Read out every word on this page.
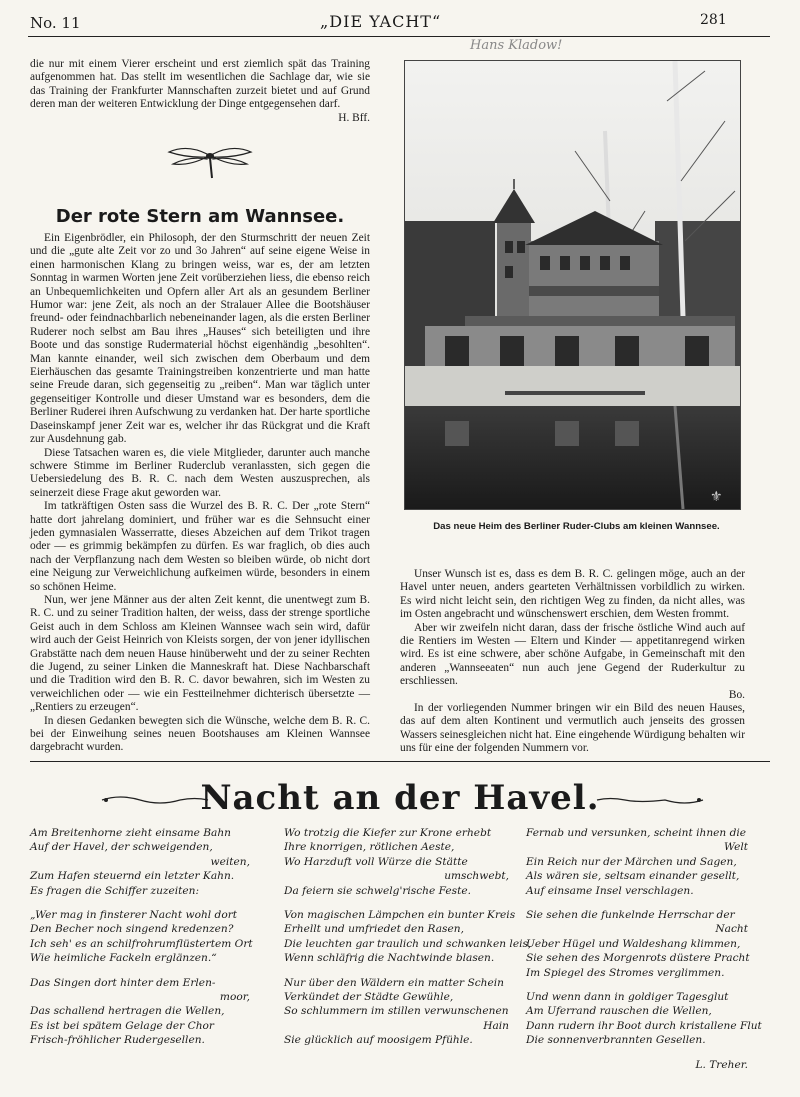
No. 11	„DIE YACHT“	281
Hans Kladow!

die nur mit einem Vierer erscheint und erst ziemlich spät das Training aufgenommen hat. Das stellt im wesentlichen die Sachlage dar, wie sie das Training der Frankfurter Mannschaften zurzeit bietet und auf Grund deren man der weiteren Entwicklung der Dinge entgegensehen darf.

H. Bff.
Der rote Stern am Wannsee.

Ein Eigenbrödler, ein Philosoph, der den Sturmschritt der neuen Zeit und die „gute alte Zeit vor zo und 3o Jahren“ auf seine eigene Weise in einen harmonischen Klang zu bringen weiss, war es, der am letzten Sonntag in warmen Worten jene Zeit vorüberziehen liess, die ebenso reich an Unbequemlichkeiten und Opfern aller Art als an gesundem Berliner Humor war: jene Zeit, als noch an der Stralauer Allee die Bootshäuser freund- oder feindnachbarlich nebeneinander lagen, als die ersten Berliner Ruderer noch selbst am Bau ihres „Hauses“ sich beteiligten und ihre Boote und das sonstige Rudermaterial höchst eigenhändig „besohlten“. Man kannte einander, weil sich zwischen dem Oberbaum und dem Eierhäuschen das gesamte Trainingstreiben konzentrierte und man hatte seine Freude daran, sich gegenseitig zu „reiben“. Man war täglich unter gegenseitiger Kontrolle und dieser Umstand war es besonders, dem die Berliner Ruderei ihren Aufschwung zu verdanken hat. Der harte sportliche Daseinskampf jener Zeit war es, welcher ihr das Rückgrat und die Kraft zur Ausdehnung gab.

Diese Tatsachen waren es, die viele Mitglieder, darunter auch manche schwere Stimme im Berliner Ruderclub veranlassten, sich gegen die Uebersiedelung des B. R. C. nach dem Westen auszusprechen, als seinerzeit diese Frage akut geworden war.

Im tatkräftigen Osten sass die Wurzel des B. R. C. Der „rote Stern“ hatte dort jahrelang dominiert, und früher war es die Sehnsucht einer jeden gymnasialen Wasserratte, dieses Abzeichen auf dem Trikot tragen oder — es grimmig bekämpfen zu dürfen. Es war fraglich, ob dies auch nach der Verpflanzung nach dem Westen so bleiben würde, ob nicht dort eine Neigung zur Verweichlichung aufkeimen würde, besonders in einem so schönen Heime.

Nun, wer jene Männer aus der alten Zeit kennt, die unentwegt zum B. R. C. und zu seiner Tradition halten, der weiss, dass der strenge sportliche Geist auch in dem Schloss am Kleinen Wannsee wach sein wird, dafür wird auch der Geist Heinrich von Kleists sorgen, der von jener idyllischen Grabstätte nach dem neuen Hause hinüberweht und der zu seiner Rechten die Jugend, zu seiner Linken die Manneskraft hat. Diese Nachbarschaft und die Tradition wird den B. R. C. davor bewahren, sich im Westen zu verweichlichen oder — wie ein Festteilnehmer dichterisch übersetzte — „Rentiers zu erzeugen“.

In diesen Gedanken bewegten sich die Wünsche, welche dem B. R. C. bei der Einweihung seines neuen Bootshauses am Kleinen Wannsee dargebracht wurden.

⚜
Das neue Heim des Berliner Ruder-Clubs am kleinen Wannsee.

Unser Wunsch ist es, dass es dem B. R. C. gelingen möge, auch an der Havel unter neuen, anders gearteten Verhältnissen vorbildlich zu wirken. Es wird nicht leicht sein, den richtigen Weg zu finden, da nicht alles, was im Osten angebracht und wünschenswert erschien, dem Westen frommt.

Aber wir zweifeln nicht daran, dass der frische östliche Wind auch auf die Rentiers im Westen — Eltern und Kinder — appetitanregend wirken wird. Es ist eine schwere, aber schöne Aufgabe, in Gemeinschaft mit den anderen „Wannseeaten“ nun auch jene Gegend der Ruderkultur zu erschliessen.

Bo.

In der vorliegenden Nummer bringen wir ein Bild des neuen Hauses, das auf dem alten Kontinent und vermutlich auch jenseits des grossen Wassers seinesgleichen nicht hat. Eine eingehende Würdigung behalten wir uns für eine der folgenden Nummern vor.

Nacht an der Havel.
Am Breitenhorne zieht einsame Bahn
Auf der Havel, der schweigenden,
weiten,
Zum Hafen steuernd ein letzter Kahn.
Es fragen die Schiffer zuzeiten:
„Wer mag in finsterer Nacht wohl dort
Den Becher noch singend kredenzen?
Ich seh' es an schilfrohrumflüstertem Ort
Wie heimliche Fackeln erglänzen.“
Das Singen dort hinter dem Erlen-
moor,
Das schallend hertragen die Wellen,
Es ist bei spätem Gelage der Chor
Frisch-fröhlicher Rudergesellen.
Wo trotzig die Kiefer zur Krone erhebt
Ihre knorrigen, rötlichen Aeste,
Wo Harzduft voll Würze die Stätte
umschwebt,
Da feiern sie schwelg'rische Feste.
Von magischen Lämpchen ein bunter Kreis
Erhellt und umfriedet den Rasen,
Die leuchten gar traulich und schwanken leis,
Wenn schläfrig die Nachtwinde blasen.
Nur über den Wäldern ein matter Schein
Verkündet der Städte Gewühle,
So schlummern im stillen verwunschenen
Hain
Sie glücklich auf moosigem Pfühle.
Fernab und versunken, scheint ihnen die
Welt
Ein Reich nur der Märchen und Sagen,
Als wären sie, seltsam einander gesellt,
Auf einsame Insel verschlagen.
Sie sehen die funkelnde Herrschar der
Nacht
Ueber Hügel und Waldeshang klimmen,
Sie sehen des Morgenrots düstere Pracht
Im Spiegel des Stromes verglimmen.
Und wenn dann in goldiger Tagesglut
Am Uferrand rauschen die Wellen,
Dann rudern ihr Boot durch kristallene Flut
Die sonnenverbrannten Gesellen.
L. Treher.
